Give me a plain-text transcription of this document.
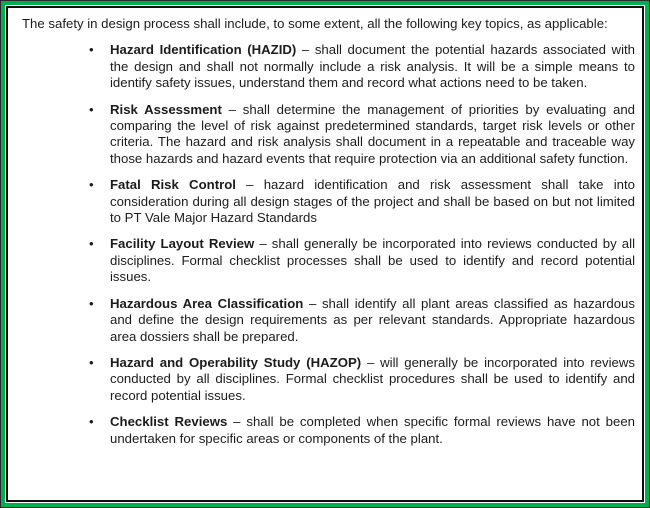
The safety in design process shall include, to some extent, all the following key topics, as applicable:

• Hazard Identification (HAZID) – shall document the potential hazards associated with the design and shall not normally include a risk analysis. It will be a simple means to identify safety issues, understand them and record what actions need to be taken.
• Risk Assessment – shall determine the management of priorities by evaluating and comparing the level of risk against predetermined standards, target risk levels or other criteria. The hazard and risk analysis shall document in a repeatable and traceable way those hazards and hazard events that require protection via an additional safety function.
• Fatal Risk Control – hazard identification and risk assessment shall take into consideration during all design stages of the project and shall be based on but not limited to PT Vale Major Hazard Standards
• Facility Layout Review – shall generally be incorporated into reviews conducted by all disciplines. Formal checklist processes shall be used to identify and record potential issues.
• Hazardous Area Classification – shall identify all plant areas classified as hazardous and define the design requirements as per relevant standards. Appropriate hazardous area dossiers shall be prepared.
• Hazard and Operability Study (HAZOP) – will generally be incorporated into reviews conducted by all disciplines. Formal checklist procedures shall be used to identify and record potential issues.
• Checklist Reviews – shall be completed when specific formal reviews have not been undertaken for specific areas or components of the plant.
